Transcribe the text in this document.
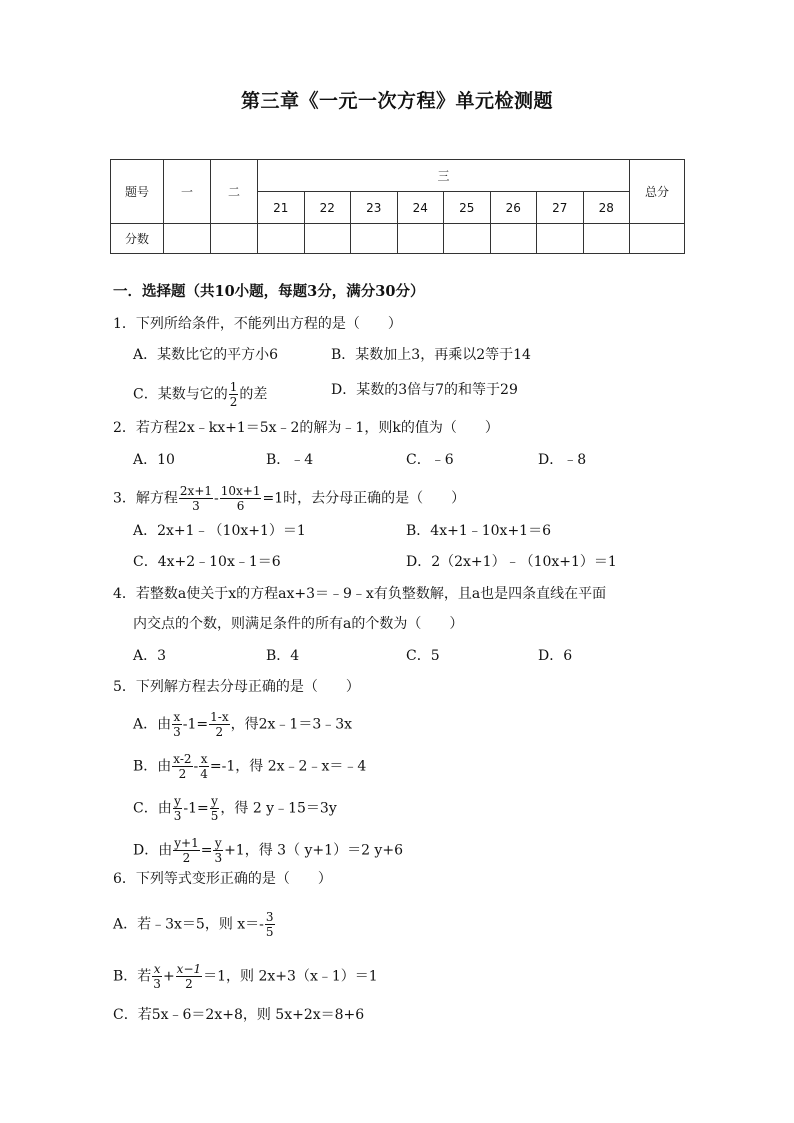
第三章《一元一次方程》单元检测题
题号	一	二	三								总分
			21	22	23	24	25	26	27	28	
分数											
一．选择题（共10小题，每题3分，满分30分）
1．下列所给条件，不能列出方程的是（　　）
A．某数比它的平方小6	B．某数加上3，再乘以2等于14
C．某数与它的 $\frac{1}{2}$ 的差	D．某数的3倍与7的和等于29
2．若方程2x﹣kx+1＝5x﹣2的解为﹣1，则k的值为（　　）
A．10	B．﹣4	C．﹣6	D．﹣8
3．解方程 $\frac{2x+1}{3} - \frac{10x+1}{6} =1$时，去分母正确的是（　　）
A．2x+1﹣（10x+1）＝1	B．4x+1﹣10x+1＝6
C．4x+2﹣10x﹣1＝6	D．2（2x+1）﹣（10x+1）＝1
4．若整数a使关于x的方程ax+3＝﹣9﹣x有负整数解，且a也是四条直线在平面
内交点的个数，则满足条件的所有a的个数为（　　）
A．3	B．4	C．5	D．6
5．下列解方程去分母正确的是（　　）
A．由 $\frac{x}{3} -1= \frac{1-x}{2}$ ，得2x﹣1＝3﹣3x
B．由 $\frac{x-2}{2} - \frac{x}{4} =-1$，得 2x﹣2﹣x＝﹣4
C．由 $\frac{y}{3} -1= \frac{y}{5}$ ，得 2 y﹣15＝3y
D．由 $\frac{y+1}{2} = \frac{y}{3} +1$，得 3（ y+1）＝2 y+6
6．下列等式变形正确的是（　　）
A．若﹣3x＝5，则 $x=- \frac{3}{5}$
B．若 $\frac{x}{3} + \frac{x-1}{2} =1$，则 2x+3（x﹣1）＝1
C．若5x﹣6＝2x+8，则 5x+2x＝8+6
